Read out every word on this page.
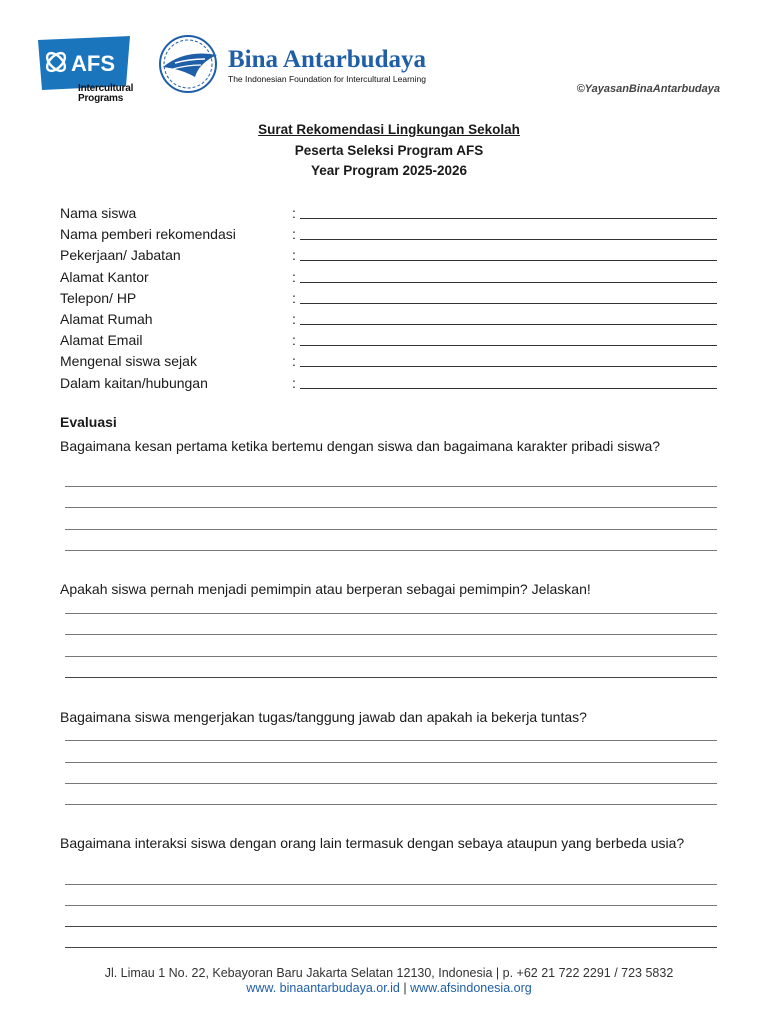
AFS
Intercultural
Programs
Bina Antarbudaya
The Indonesian Foundation for Intercultural Learning
©YayasanBinaAntarbudaya
Surat Rekomendasi Lingkungan Sekolah
Peserta Seleksi Program AFS
Year Program 2025-2026
Nama siswa	:
Nama pemberi rekomendasi	:
Pekerjaan/ Jabatan	:
Alamat Kantor	:
Telepon/ HP	:
Alamat Rumah	:
Alamat Email	:
Mengenal siswa sejak	:
Dalam kaitan/hubungan	:
Evaluasi
Bagaimana kesan pertama ketika bertemu dengan siswa dan bagaimana karakter pribadi siswa?
Apakah siswa pernah menjadi pemimpin atau berperan sebagai pemimpin? Jelaskan!
Bagaimana siswa mengerjakan tugas/tanggung jawab dan apakah ia bekerja tuntas?
Bagaimana interaksi siswa dengan orang lain termasuk dengan sebaya ataupun yang berbeda usia?
Jl. Limau 1 No. 22, Kebayoran Baru Jakarta Selatan 12130, Indonesia | p. +62 21 722 2291 / 723 5832
www. binaantarbudaya.or.id | www.afsindonesia.org
